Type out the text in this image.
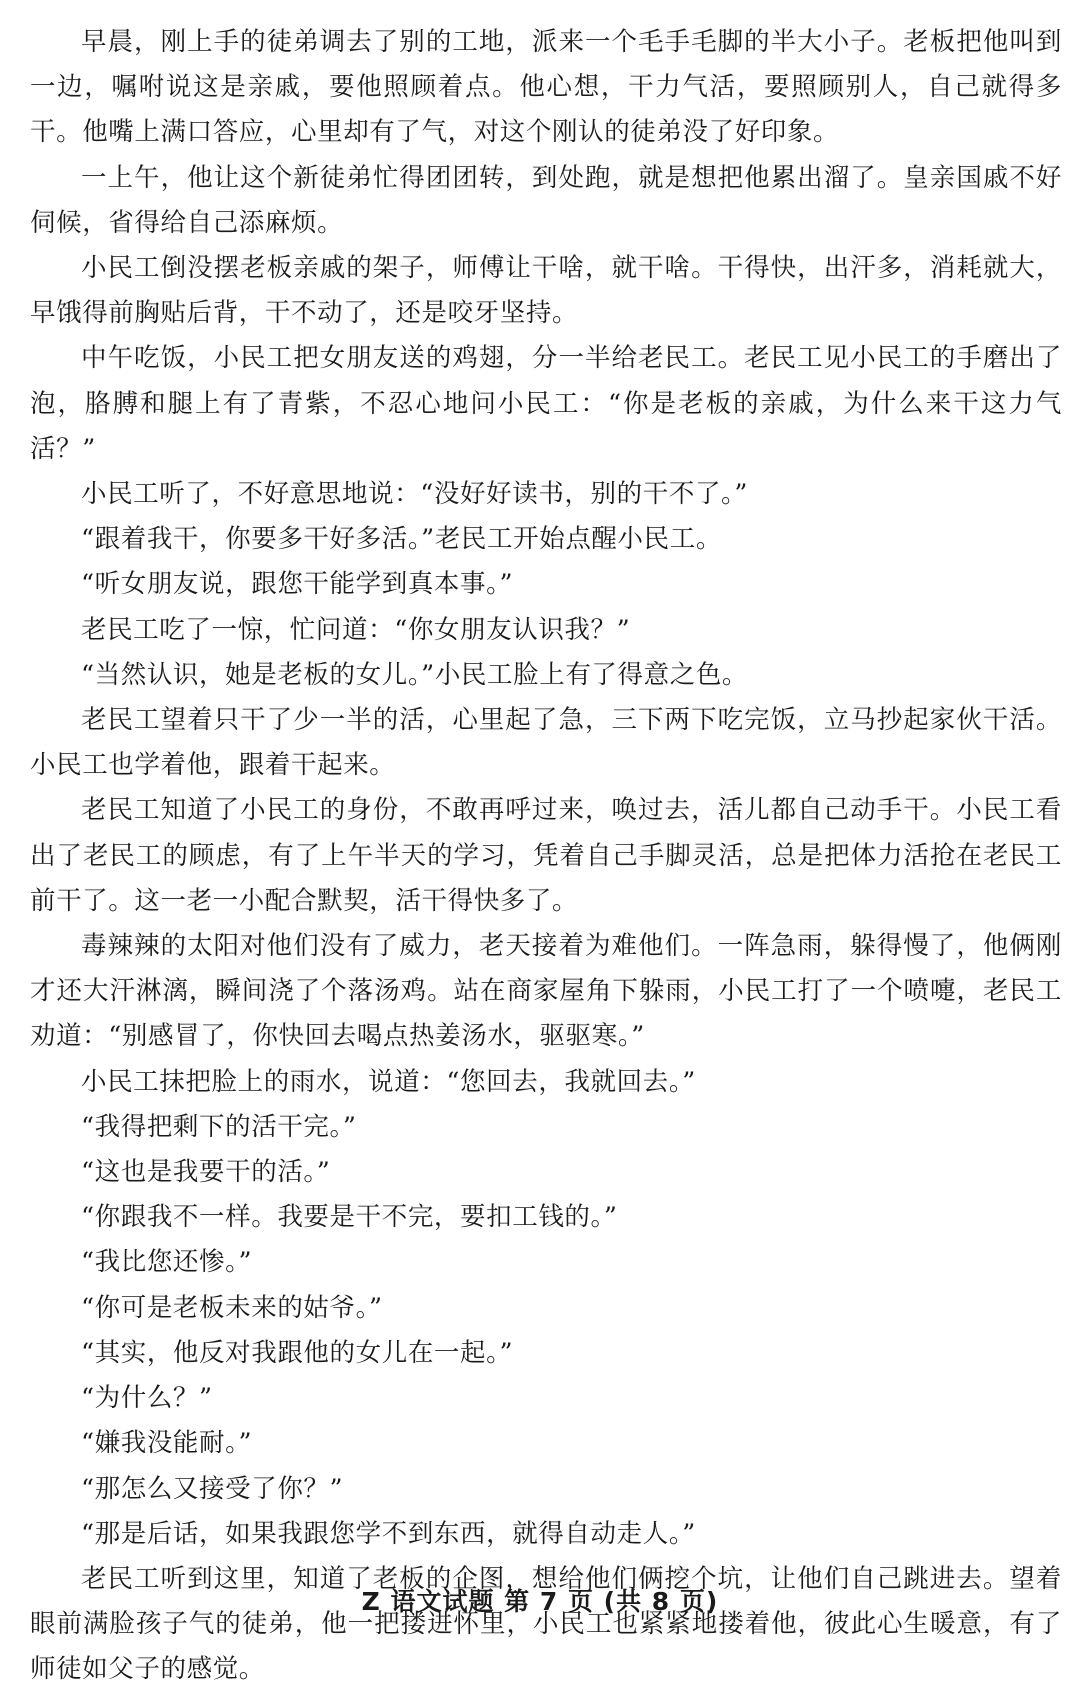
早晨，刚上手的徒弟调去了别的工地，派来一个毛手毛脚的半大小子。老板把他叫到一边，嘱咐说这是亲戚，要他照顾着点。他心想，干力气活，要照顾别人，自己就得多干。他嘴上满口答应，心里却有了气，对这个刚认的徒弟没了好印象。

一上午，他让这个新徒弟忙得团团转，到处跑，就是想把他累出溜了。皇亲国戚不好伺候，省得给自己添麻烦。

小民工倒没摆老板亲戚的架子，师傅让干啥，就干啥。干得快，出汗多，消耗就大，早饿得前胸贴后背，干不动了，还是咬牙坚持。

中午吃饭，小民工把女朋友送的鸡翅，分一半给老民工。老民工见小民工的手磨出了泡，胳膊和腿上有了青紫，不忍心地问小民工：“你是老板的亲戚，为什么来干这力气活？”

小民工听了，不好意思地说：“没好好读书，别的干不了。”

“跟着我干，你要多干好多活。”老民工开始点醒小民工。

“听女朋友说，跟您干能学到真本事。”

老民工吃了一惊，忙问道：“你女朋友认识我？”

“当然认识，她是老板的女儿。”小民工脸上有了得意之色。

老民工望着只干了少一半的活，心里起了急，三下两下吃完饭，立马抄起家伙干活。小民工也学着他，跟着干起来。

老民工知道了小民工的身份，不敢再呼过来，唤过去，活儿都自己动手干。小民工看出了老民工的顾虑，有了上午半天的学习，凭着自己手脚灵活，总是把体力活抢在老民工前干了。这一老一小配合默契，活干得快多了。

毒辣辣的太阳对他们没有了威力，老天接着为难他们。一阵急雨，躲得慢了，他俩刚才还大汗淋漓，瞬间浇了个落汤鸡。站在商家屋角下躲雨，小民工打了一个喷嚏，老民工劝道：“别感冒了，你快回去喝点热姜汤水，驱驱寒。”

小民工抹把脸上的雨水，说道：“您回去，我就回去。”

“我得把剩下的活干完。”

“这也是我要干的活。”

“你跟我不一样。我要是干不完，要扣工钱的。”

“我比您还惨。”

“你可是老板未来的姑爷。”

“其实，他反对我跟他的女儿在一起。”

“为什么？”

“嫌我没能耐。”

“那怎么又接受了你？”

“那是后话，如果我跟您学不到东西，就得自动走人。”

老民工听到这里，知道了老板的企图，想给他们俩挖个坑，让他们自己跳进去。望着眼前满脸孩子气的徒弟，他一把搂进怀里，小民工也紧紧地搂着他，彼此心生暖意，有了师徒如父子的感觉。

Z 语文试题 第 7 页 (共 8 页)
